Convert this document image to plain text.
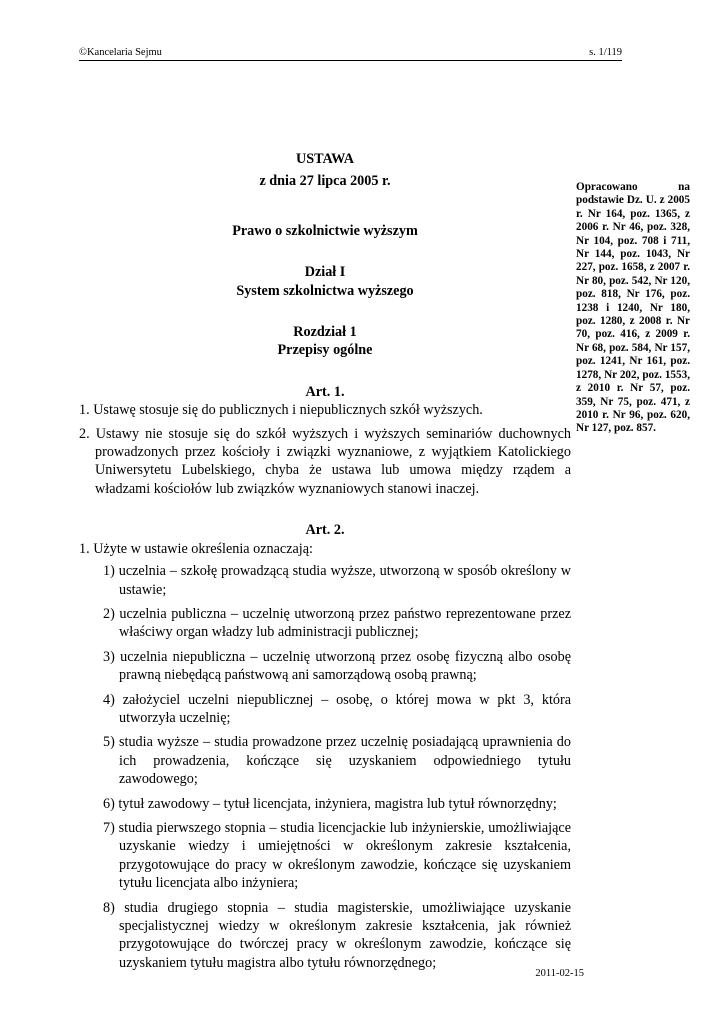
©Kancelaria Sejmu	s. 1/119
USTAWA
z dnia 27 lipca 2005 r.
Prawo o szkolnictwie wyższym
Dział I
System szkolnictwa wyższego
Rozdział 1
Przepisy ogólne
Art. 1.

1. Ustawę stosuje się do publicznych i niepublicznych szkół wyższych.

2. Ustawy nie stosuje się do szkół wyższych i wyższych seminariów duchownych prowadzonych przez kościoły i związki wyznaniowe, z wyjątkiem Katolickiego Uniwersytetu Lubelskiego, chyba że ustawa lub umowa między rządem a władzami kościołów lub związków wyznaniowych stanowi inaczej.

Art. 2.

1. Użyte w ustawie określenia oznaczają:

1) uczelnia – szkołę prowadzącą studia wyższe, utworzoną w sposób określony w ustawie;

2) uczelnia publiczna – uczelnię utworzoną przez państwo reprezentowane przez właściwy organ władzy lub administracji publicznej;

3) uczelnia niepubliczna – uczelnię utworzoną przez osobę fizyczną albo osobę prawną niebędącą państwową ani samorządową osobą prawną;

4) założyciel uczelni niepublicznej – osobę, o której mowa w pkt 3, która utworzyła uczelnię;

5) studia wyższe – studia prowadzone przez uczelnię posiadającą uprawnienia do ich prowadzenia, kończące się uzyskaniem odpowiedniego tytułu zawodowego;

6) tytuł zawodowy – tytuł licencjata, inżyniera, magistra lub tytuł równorzędny;

7) studia pierwszego stopnia – studia licencjackie lub inżynierskie, umożliwiające uzyskanie wiedzy i umiejętności w określonym zakresie kształcenia, przygotowujące do pracy w określonym zawodzie, kończące się uzyskaniem tytułu licencjata albo inżyniera;

8) studia drugiego stopnia – studia magisterskie, umożliwiające uzyskanie specjalistycznej wiedzy w określonym zakresie kształcenia, jak również przygotowujące do twórczej pracy w określonym zawodzie, kończące się uzyskaniem tytułu magistra albo tytułu równorzędnego;

Opracowano na podstawie Dz. U. z 2005 r. Nr 164, poz. 1365, z 2006 r. Nr 46, poz. 328, Nr 104, poz. 708 i 711, Nr 144, poz. 1043, Nr 227, poz. 1658, z 2007 r. Nr 80, poz. 542, Nr 120, poz. 818, Nr 176, poz. 1238 i 1240, Nr 180, poz. 1280, z 2008 r. Nr 70, poz. 416, z 2009 r. Nr 68, poz. 584, Nr 157, poz. 1241, Nr 161, poz. 1278, Nr 202, poz. 1553, z 2010 r. Nr 57, poz. 359, Nr 75, poz. 471, z 2010 r. Nr 96, poz. 620, Nr 127, poz. 857.
2011-02-15
